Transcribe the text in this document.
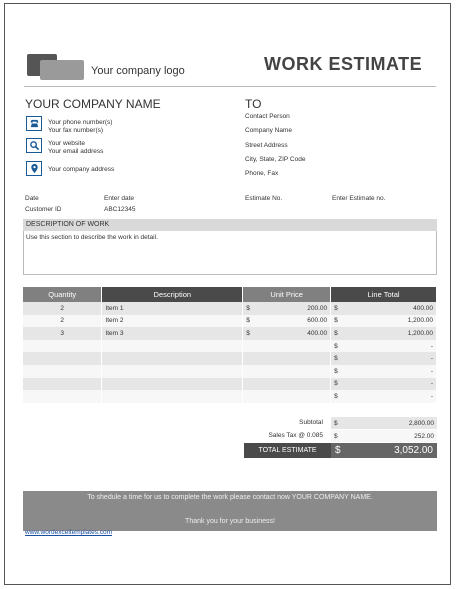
Your company logo	WORK ESTIMATE
YOUR COMPANY NAME
Your phone number(s)
Your fax number(s)
Your website
Your email address
Your company address
TO
Contact Person
Company Name
Street Address
City, State, ZIP Code
Phone, Fax
Date	Enter date
Customer ID	ABC12345
Estimate No.	Enter Estimate no.
DESCRIPTION OF WORK
Use this section to describe the work in detail.
Quantity	Description	Unit Price	Line Total
2	Item 1	$ 200.00	$ 400.00

2	Item 2	$ 600.00	$ 1,200.00

3	Item 3	$ 400.00	$ 1,200.00

			$ -

			$ -

			$ -

			$ -

			$ -
Subtotal $	2,800.00
Sales Tax @ 0.085 $	252.00
TOTAL ESTIMATE	$	3,052.00
To shedule a time for us to complete the work please contact now YOUR COMPANY NAME.
Thank you for your business!
www.wordexceltemplates.com
